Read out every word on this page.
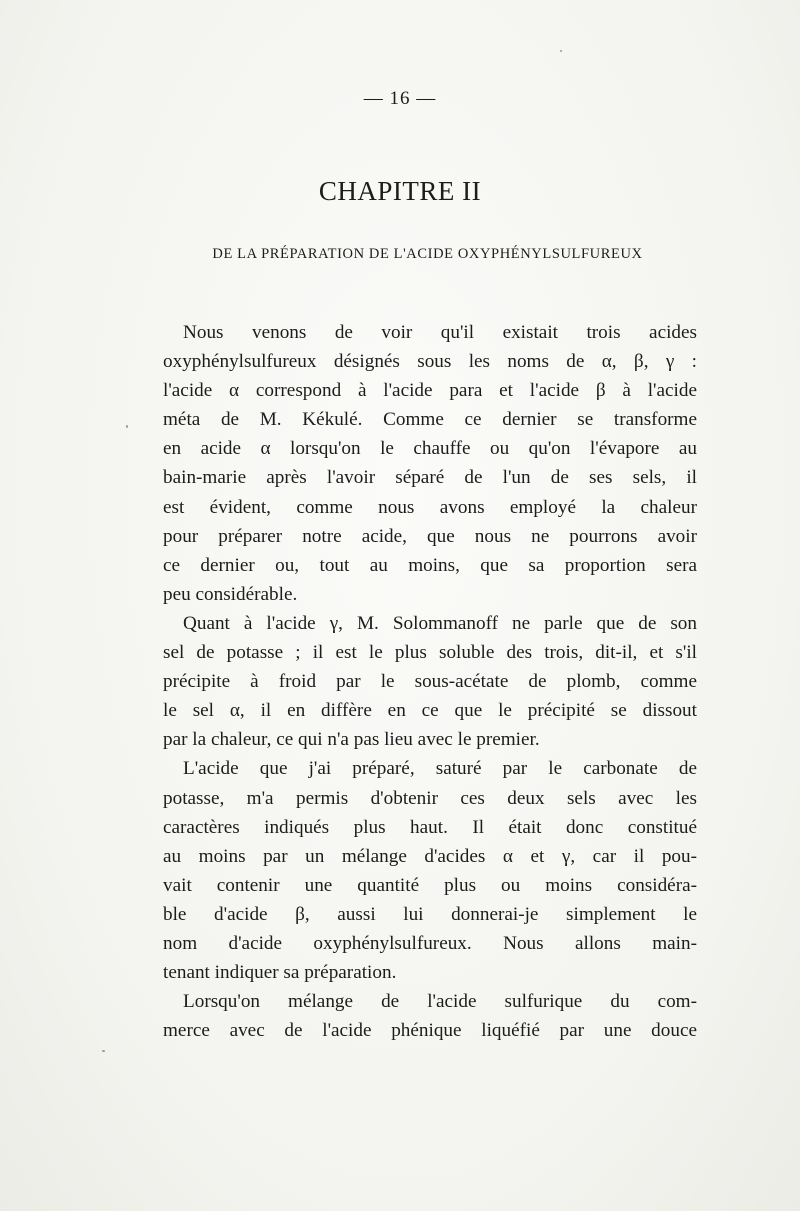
— 16 —
CHAPITRE II
DE LA PRÉPARATION DE L'ACIDE OXYPHÉNYLSULFUREUX
Nous venons de voir qu'il existait trois acides
oxyphénylsulfureux désignés sous les noms de α, β, γ :
l'acide α correspond à l'acide para et l'acide β à l'acide
méta de M. Kékulé. Comme ce dernier se transforme
en acide α lorsqu'on le chauffe ou qu'on l'évapore au
bain-marie après l'avoir séparé de l'un de ses sels, il
est évident, comme nous avons employé la chaleur
pour préparer notre acide, que nous ne pourrons avoir
ce dernier ou, tout au moins, que sa proportion sera
peu considérable.
Quant à l'acide γ, M. Solommanoff ne parle que de son
sel de potasse ; il est le plus soluble des trois, dit-il, et s'il
précipite à froid par le sous-acétate de plomb, comme
le sel α, il en diffère en ce que le précipité se dissout
par la chaleur, ce qui n'a pas lieu avec le premier.
L'acide que j'ai préparé, saturé par le carbonate de
potasse, m'a permis d'obtenir ces deux sels avec les
caractères indiqués plus haut. Il était donc constitué
au moins par un mélange d'acides α et γ, car il pou-
vait contenir une quantité plus ou moins considéra-
ble d'acide β, aussi lui donnerai-je simplement le
nom d'acide oxyphénylsulfureux. Nous allons main-
tenant indiquer sa préparation.
Lorsqu'on mélange de l'acide sulfurique du com-
merce avec de l'acide phénique liquéfié par une douce
